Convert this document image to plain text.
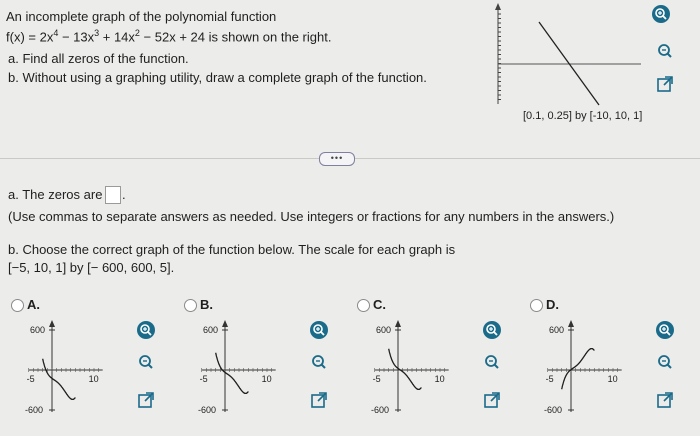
An incomplete graph of the polynomial function
$f(x) = 2x^4 - 13x^3 + 14x^2 - 52x + 24$ is shown on the right.
a. Find all zeros of the function.
b. Without using a graphing utility, draw a complete graph of the function.
[0.1, 0.25] by [-10, 10, 1]
•••
a. The zeros are .
(Use commas to separate answers as needed. Use integers or fractions for any numbers in the answers.)
b. Choose the correct graph of the function below. The scale for each graph is
[−5, 10, 1] by [− 600, 600, 5].
A.	B.	C.	D.
600
-600
-5	10
600
-600
-5	10
600
-600
-5	10
600
-600
-5	10
